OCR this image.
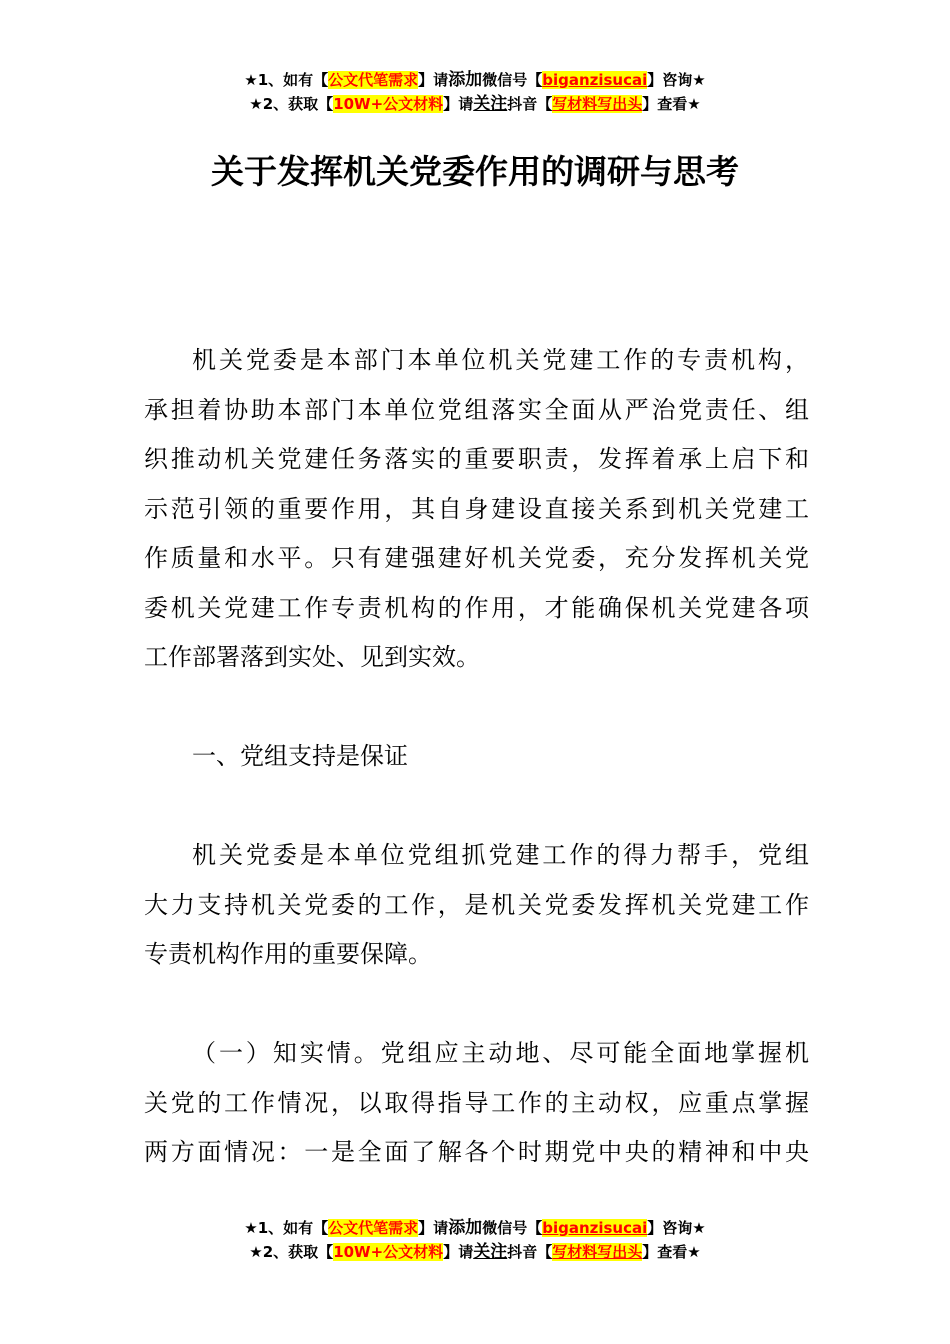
★1、如有【公文代笔需求】请添加微信号【biganzisucai】咨询★
★2、获取【10W+公文材料】请关注抖音【写材料写出头】查看★
关于发挥机关党委作用的调研与思考
机关党委是本部门本单位机关党建工作的专责机构，
承担着协助本部门本单位党组落实全面从严治党责任、组
织推动机关党建任务落实的重要职责，发挥着承上启下和
示范引领的重要作用，其自身建设直接关系到机关党建工
作质量和水平。只有建强建好机关党委，充分发挥机关党
委机关党建工作专责机构的作用，才能确保机关党建各项
工作部署落到实处、见到实效。
一、党组支持是保证
机关党委是本单位党组抓党建工作的得力帮手，党组
大力支持机关党委的工作，是机关党委发挥机关党建工作
专责机构作用的重要保障。
（一）知实情。党组应主动地、尽可能全面地掌握机
关党的工作情况，以取得指导工作的主动权，应重点掌握
两方面情况：一是全面了解各个时期党中央的精神和中央
★1、如有【公文代笔需求】请添加微信号【biganzisucai】咨询★
★2、获取【10W+公文材料】请关注抖音【写材料写出头】查看★
